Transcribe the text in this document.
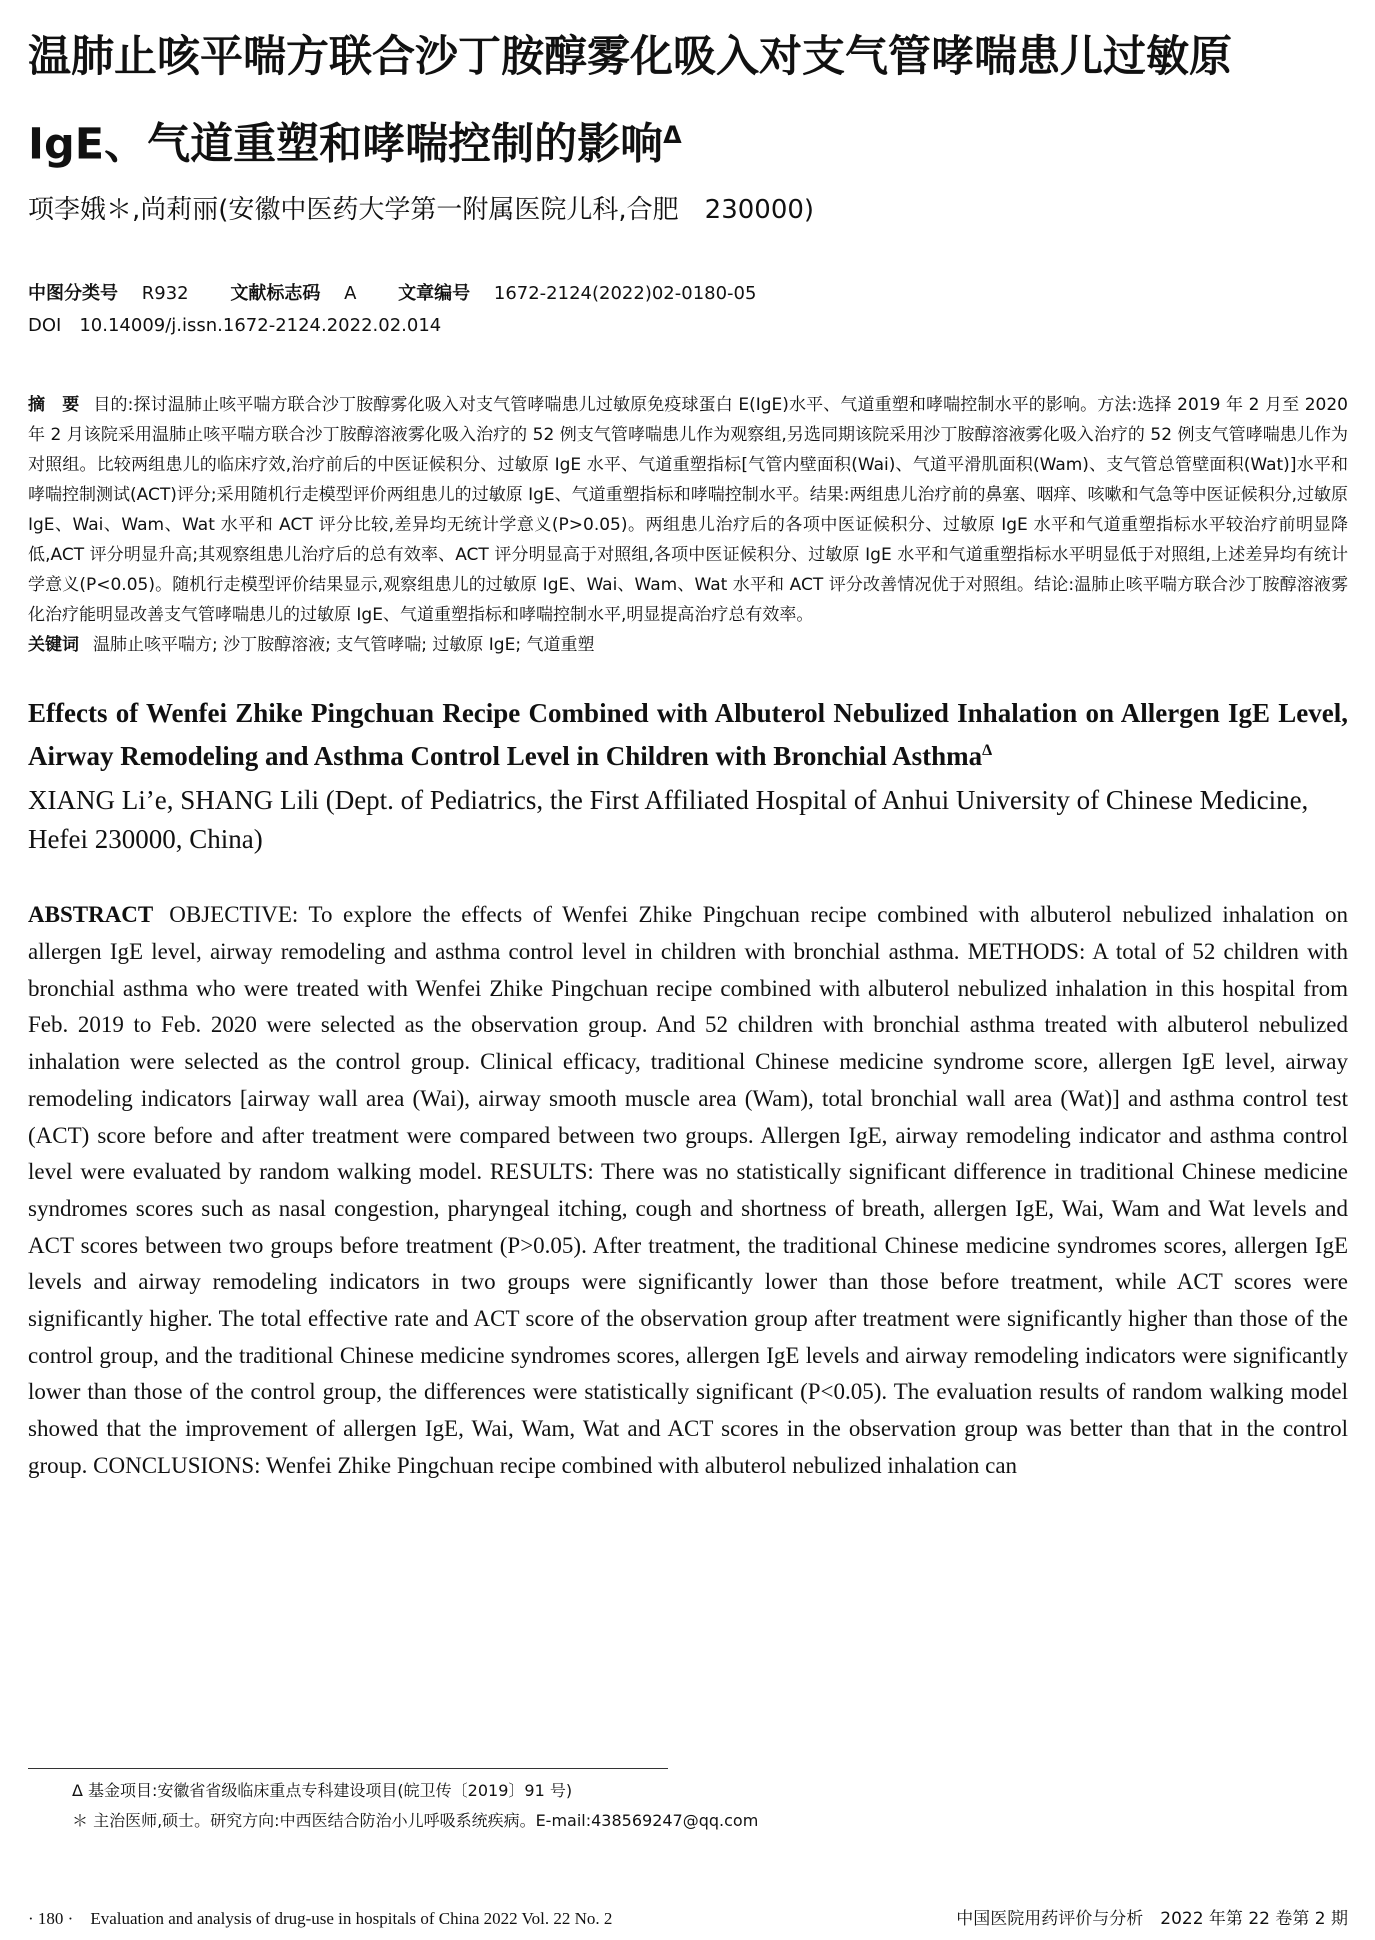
温肺止咳平喘方联合沙丁胺醇雾化吸入对支气管哮喘患儿过敏原 IgE、气道重塑和哮喘控制的影响$^\Delta$
项李娥＊,尚莉丽(安徽中医药大学第一附属医院儿科,合肥　230000)
中图分类号　 R932 文献标志码　 A 文章编号　 1672-2124(2022)02-0180-05
DOI　10.14009/j.issn.1672-2124.2022.02.014
摘　要 目的:探讨温肺止咳平喘方联合沙丁胺醇雾化吸入对支气管哮喘患儿过敏原免疫球蛋白 E(IgE)水平、气道重塑和哮喘控制水平的影响。方法:选择 2019 年 2 月至 2020 年 2 月该院采用温肺止咳平喘方联合沙丁胺醇溶液雾化吸入治疗的 52 例支气管哮喘患儿作为观察组,另选同期该院采用沙丁胺醇溶液雾化吸入治疗的 52 例支气管哮喘患儿作为对照组。比较两组患儿的临床疗效,治疗前后的中医证候积分、过敏原 IgE 水平、气道重塑指标[气管内壁面积(Wai)、气道平滑肌面积(Wam)、支气管总管壁面积(Wat)]水平和哮喘控制测试(ACT)评分;采用随机行走模型评价两组患儿的过敏原 IgE、气道重塑指标和哮喘控制水平。结果:两组患儿治疗前的鼻塞、咽痒、咳嗽和气急等中医证候积分,过敏原 IgE、Wai、Wam、Wat 水平和 ACT 评分比较,差异均无统计学意义(P>0.05)。两组患儿治疗后的各项中医证候积分、过敏原 IgE 水平和气道重塑指标水平较治疗前明显降低,ACT 评分明显升高;其观察组患儿治疗后的总有效率、ACT 评分明显高于对照组,各项中医证候积分、过敏原 IgE 水平和气道重塑指标水平明显低于对照组,上述差异均有统计学意义(P<0.05)。随机行走模型评价结果显示,观察组患儿的过敏原 IgE、Wai、Wam、Wat 水平和 ACT 评分改善情况优于对照组。结论:温肺止咳平喘方联合沙丁胺醇溶液雾化治疗能明显改善支气管哮喘患儿的过敏原 IgE、气道重塑指标和哮喘控制水平,明显提高治疗总有效率。
关键词 温肺止咳平喘方; 沙丁胺醇溶液; 支气管哮喘; 过敏原 IgE; 气道重塑
Effects of Wenfei Zhike Pingchuan Recipe Combined with Albuterol Nebulized Inhalation on Allergen IgE Level, Airway Remodeling and Asthma Control Level in Children with Bronchial Asthma$^\Delta$
XIANG Li’e, SHANG Lili (Dept. of Pediatrics, the First Affiliated Hospital of Anhui University of Chinese Medicine, Hefei 230000, China)
ABSTRACT OBJECTIVE: To explore the effects of Wenfei Zhike Pingchuan recipe combined with albuterol nebulized inhalation on allergen IgE level, airway remodeling and asthma control level in children with bronchial asthma. METHODS: A total of 52 children with bronchial asthma who were treated with Wenfei Zhike Pingchuan recipe combined with albuterol nebulized inhalation in this hospital from Feb. 2019 to Feb. 2020 were selected as the observation group. And 52 children with bronchial asthma treated with albuterol nebulized inhalation were selected as the control group. Clinical efficacy, traditional Chinese medicine syndrome score, allergen IgE level, airway remodeling indicators [airway wall area (Wai), airway smooth muscle area (Wam), total bronchial wall area (Wat)] and asthma control test (ACT) score before and after treatment were compared between two groups. Allergen IgE, airway remodeling indicator and asthma control level were evaluated by random walking model. RESULTS: There was no statistically significant difference in traditional Chinese medicine syndromes scores such as nasal congestion, pharyngeal itching, cough and shortness of breath, allergen IgE, Wai, Wam and Wat levels and ACT scores between two groups before treatment (P>0.05). After treatment, the traditional Chinese medicine syndromes scores, allergen IgE levels and airway remodeling indicators in two groups were significantly lower than those before treatment, while ACT scores were significantly higher. The total effective rate and ACT score of the observation group after treatment were significantly higher than those of the control group, and the traditional Chinese medicine syndromes scores, allergen IgE levels and airway remodeling indicators were significantly lower than those of the control group, the differences were statistically significant (P<0.05). The evaluation results of random walking model showed that the improvement of allergen IgE, Wai, Wam, Wat and ACT scores in the observation group was better than that in the control group. CONCLUSIONS: Wenfei Zhike Pingchuan recipe combined with albuterol nebulized inhalation can
Δ 基金项目:安徽省省级临床重点专科建设项目(皖卫传〔2019〕91 号)
＊ 主治医师,硕士。研究方向:中西医结合防治小儿呼吸系统疾病。E-mail:438569247@qq.com
· 180 ·　Evaluation and analysis of drug-use in hospitals of China 2022 Vol. 22 No. 2	中国医院用药评价与分析　2022 年第 22 卷第 2 期
